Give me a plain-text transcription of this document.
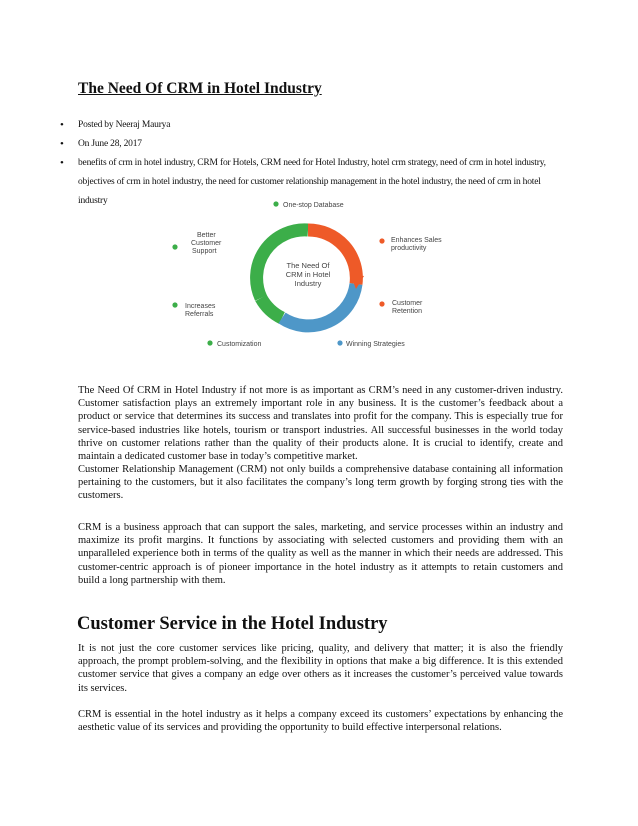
The Need Of CRM in Hotel Industry
• Posted by Neeraj Maurya
• On June 28, 2017
• benefits of crm in hotel industry, CRM for Hotels, CRM need for Hotel Industry, hotel crm strategy, need of crm in hotel industry, objectives of crm in hotel industry, the need for customer relationship management in the hotel industry, the need of crm in hotel industry
The Need Of
CRM in Hotel
Industry
One-stop Database
Enhances Sales
productivity
Customer
Retention
Winning Strategies
Customization
Increases
Referrals
Better
Customer
Support

The Need Of CRM in Hotel Industry if not more is as important as CRM’s need in any customer-driven industry. Customer satisfaction plays an extremely important role in any business. It is the customer’s feedback about a product or service that determines its success and translates into profit for the company. This is especially true for service-based industries like hotels, tourism or transport industries. All successful businesses in the world today thrive on customer relations rather than the quality of their products alone. It is crucial to identify, create and maintain a dedicated customer base in today’s competitive market.

Customer Relationship Management (CRM) not only builds a comprehensive database containing all information pertaining to the customers, but it also facilitates the company’s long term growth by forging strong ties with the customers.

CRM is a business approach that can support the sales, marketing, and service processes within an industry and maximize its profit margins. It functions by associating with selected customers and providing them with an unparalleled experience both in terms of the quality as well as the manner in which their needs are addressed. This customer-centric approach is of pioneer importance in the hotel industry as it attempts to retain customers and build a long partnership with them.

Customer Service in the Hotel Industry

It is not just the core customer services like pricing, quality, and delivery that matter; it is also the friendly approach, the prompt problem-solving, and the flexibility in options that make a big difference. It is this extended customer service that gives a company an edge over others as it increases the customer’s perceived value towards its services.

CRM is essential in the hotel industry as it helps a company exceed its customers’ expectations by enhancing the aesthetic value of its services and providing the opportunity to build effective interpersonal relations.
